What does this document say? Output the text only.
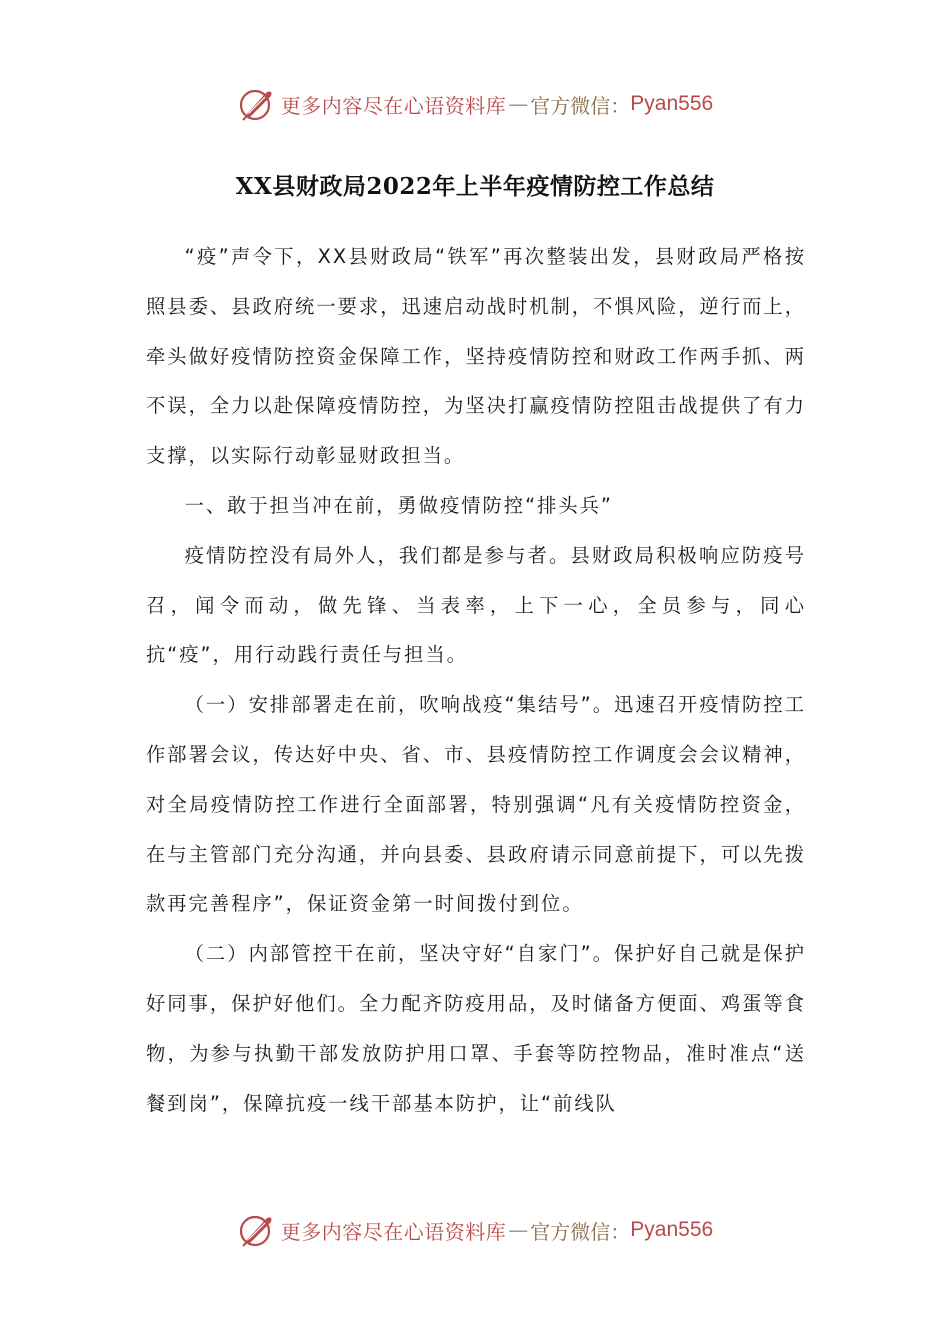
更多内容尽在心语资料库 — 官方微信： Pyan556
XX县财政局2022年上半年疫情防控工作总结

“疫”声令下，XX县财政局“铁军”再次整装出发，县财政局严格按照县委、县政府统一要求，迅速启动战时机制，不惧风险，逆行而上，牵头做好疫情防控资金保障工作，坚持疫情防控和财政工作两手抓、两不误，全力以赴保障疫情防控，为坚决打赢疫情防控阻击战提供了有力支撑，以实际行动彰显财政担当。

一、敢于担当冲在前，勇做疫情防控“排头兵”

疫情防控没有局外人，我们都是参与者。县财政局积极响应防疫号召，闻令而动，做先锋、当表率，上下一心，全员参与，同心抗“疫”，用行动践行责任与担当。

（一）安排部署走在前，吹响战疫“集结号”。迅速召开疫情防控工作部署会议，传达好中央、省、市、县疫情防控工作调度会会议精神，对全局疫情防控工作进行全面部署，特别强调“凡有关疫情防控资金，在与主管部门充分沟通，并向县委、县政府请示同意前提下，可以先拨款再完善程序”，保证资金第一时间拨付到位。

（二）内部管控干在前，坚决守好“自家门”。保护好自己就是保护好同事，保护好他们。全力配齐防疫用品，及时储备方便面、鸡蛋等食物，为参与执勤干部发放防护用口罩、手套等防控物品，准时准点“送餐到岗”，保障抗疫一线干部基本防护，让“前线队

更多内容尽在心语资料库 — 官方微信： Pyan556
